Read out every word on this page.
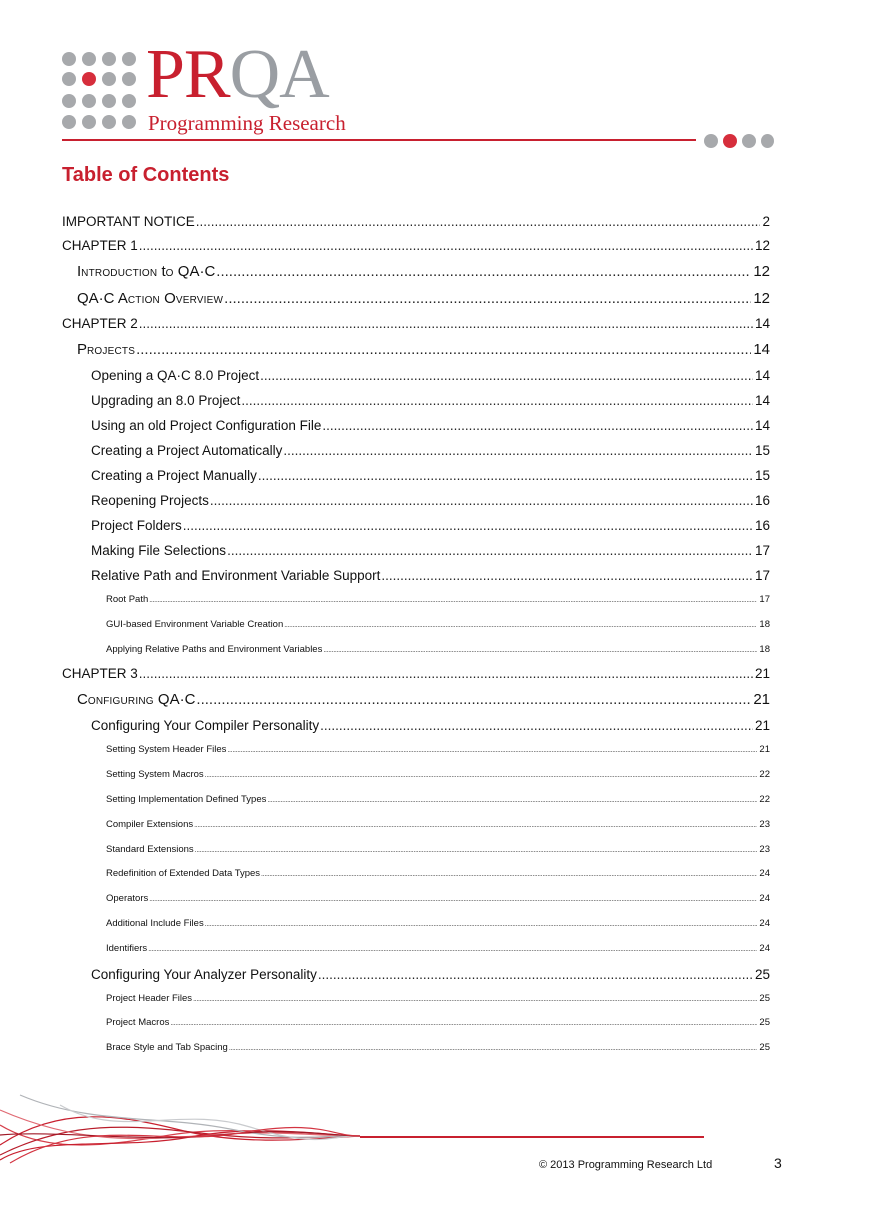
PRQA
Programming Research
Table of Contents
IMPORTANT NOTICE .....	2
CHAPTER 1 .....	12
INTRODUCTION tO QA·C .....	12
QA·C ACTION OVERVIEW .....	12
CHAPTER 2 .....	14
PROJECTS .....	14
Opening a QA·C 8.0 Project .....	14
Upgrading an 8.0 Project .....	14
Using an old Project Configuration File .....	14
Creating a Project Automatically .....	15
Creating a Project Manually .....	15
Reopening Projects .....	16
Project Folders .....	16
Making File Selections .....	17
Relative Path and Environment Variable Support .....	17
Root Path .....	17
GUI-based Environment Variable Creation .....	18
Applying Relative Paths and Environment Variables .....	18
CHAPTER 3 .....	21
CONFIGURING QA·C .....	21
Configuring Your Compiler Personality .....	21
Setting System Header Files .....	21
Setting System Macros .....	22
Setting Implementation Defined Types .....	22
Compiler Extensions .....	23
Standard Extensions .....	23
Redefinition of Extended Data Types .....	24
Operators .....	24
Additional Include Files .....	24
Identifiers .....	24
Configuring Your Analyzer Personality .....	25
Project Header Files .....	25
Project Macros .....	25
Brace Style and Tab Spacing .....	25
© 2013 Programming Research Ltd	3
